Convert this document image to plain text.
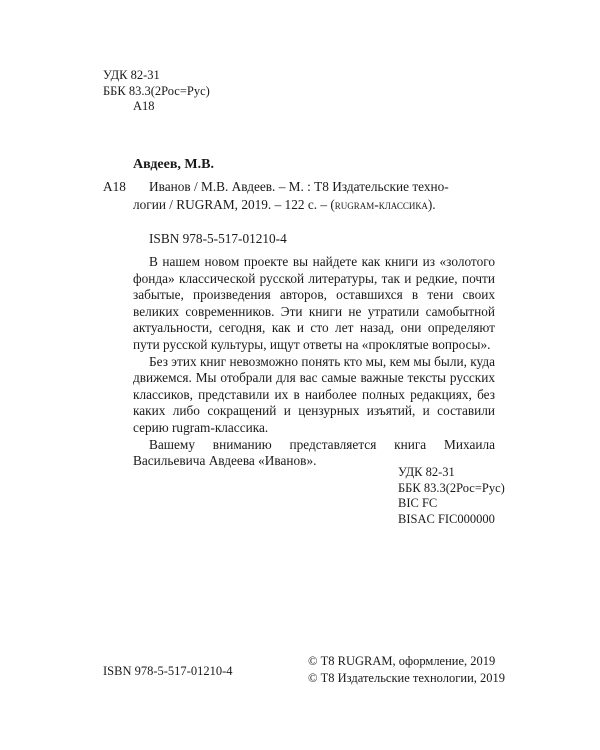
УДК 82-31
ББК 83.3(2Рос=Рус)
А18
Авдеев, М.В.
А18	Иванов / М.В. Авдеев. – М. : Т8 Издательские техно-
логии / RUGRAM, 2019. – 122 с. – (rugram-классика).
ISBN 978-5-517-01210-4

В нашем новом проекте вы найдете как книги из «золотого фонда» классической русской литературы, так и редкие, почти забытые, произведения авторов, оставшихся в тени своих великих современников. Эти книги не утратили самобытной актуальности, сегодня, как и сто лет назад, они определяют пути русской культуры, ищут ответы на «проклятые вопросы».

Без этих книг невозможно понять кто мы, кем мы были, куда движемся. Мы отобрали для вас самые важные тексты русских классиков, представили их в наиболее полных редакциях, без каких либо сокращений и цензурных изъятий, и составили серию rugram-классика.

Вашему вниманию представляется книга Михаила Васильевича Авдеева «Иванов».

УДК 82-31
ББК 83.3(2Рос=Рус)
BIC FC
BISAC FIC000000
ISBN 978-5-517-01210-4
© Т8 RUGRAM, оформление, 2019
© Т8 Издательские технологии, 2019
